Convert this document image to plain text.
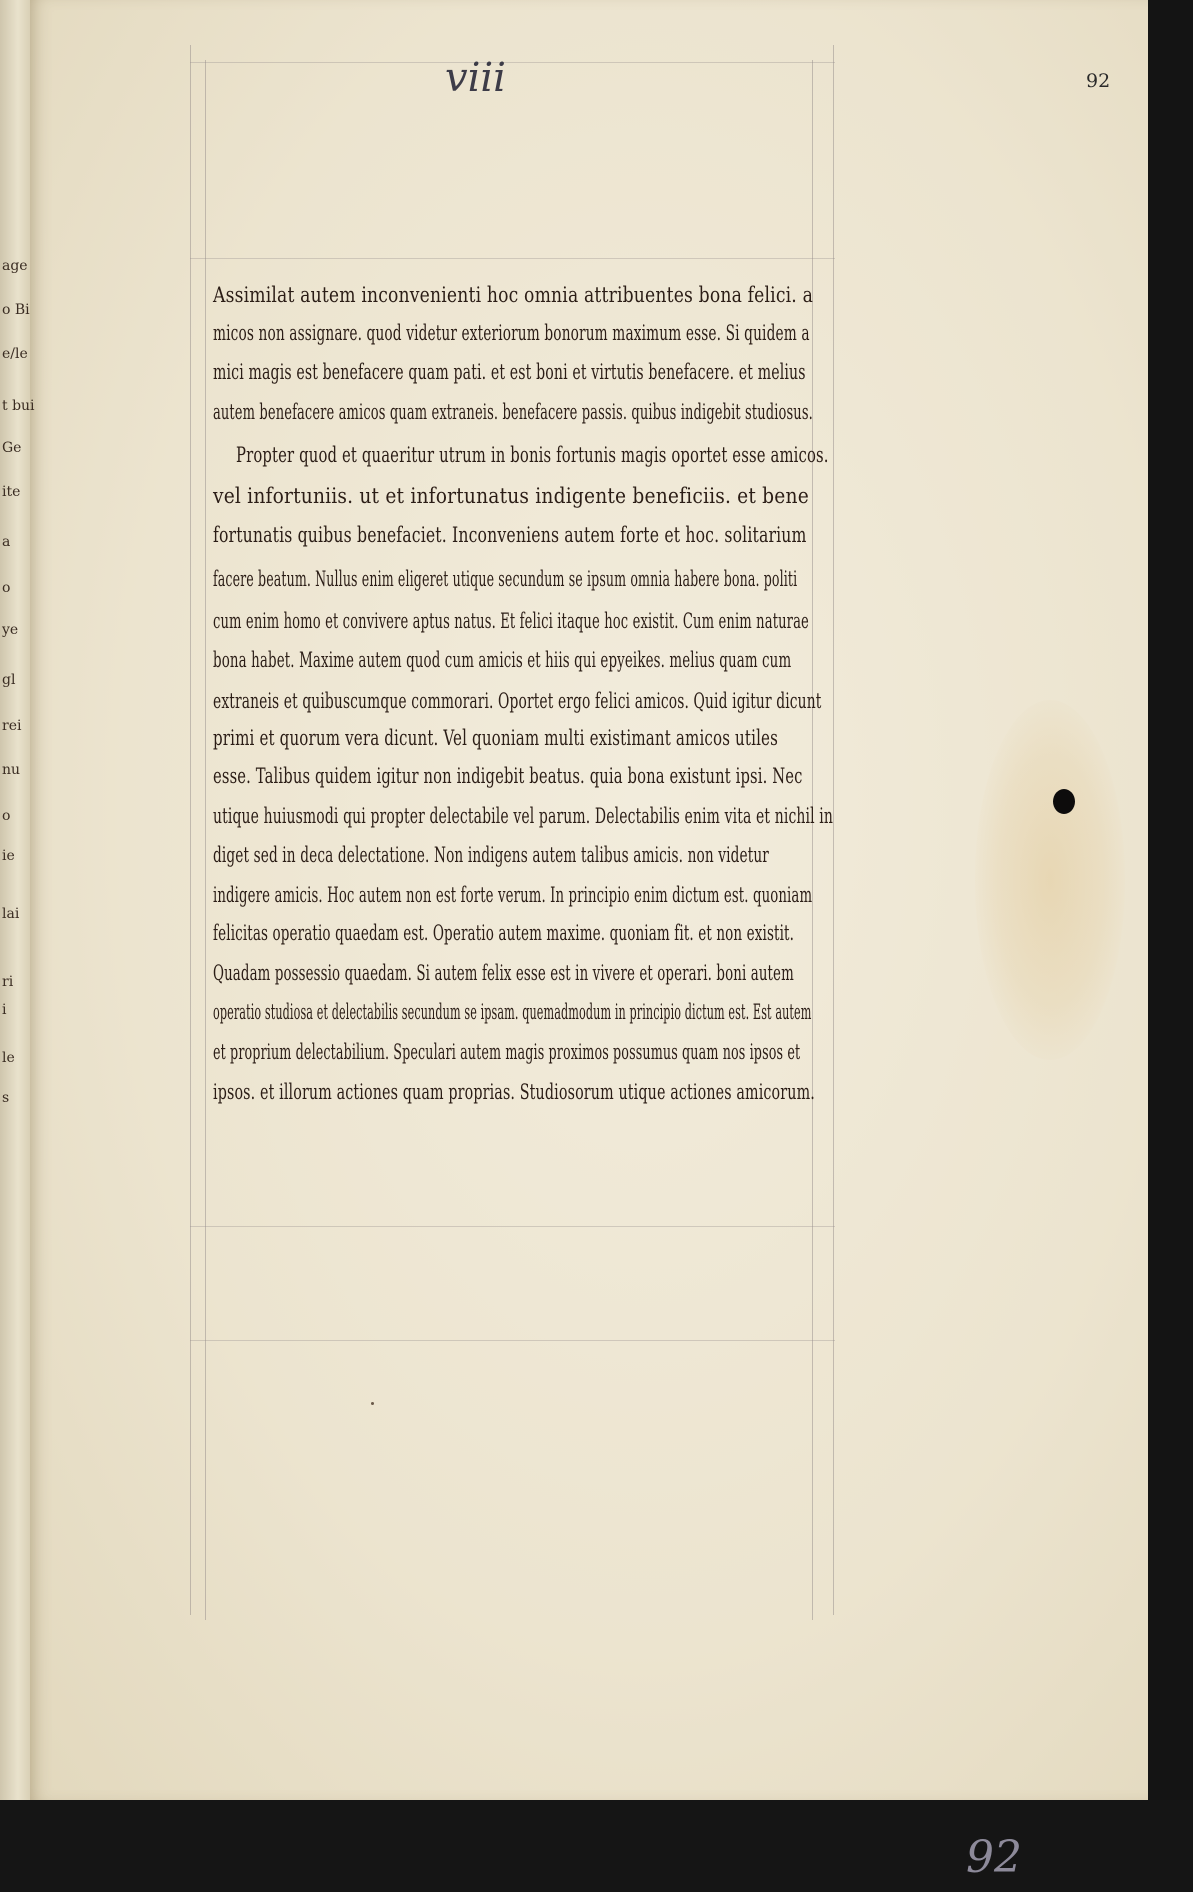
viii	92
92
age
o Bi
e/le
t bui
Ge
ite
a
o
ye
gl
rei
nu
o
ie
lai
ri
i
le
s
Assimilat autem inconvenienti hoc omnia attribuentes bona felici. a
micos non assignare. quod videtur exteriorum bonorum maximum esse. Si quidem a
mici magis est benefacere quam pati. et est boni et virtutis benefacere. et melius
autem benefacere amicos quam extraneis. benefacere passis. quibus indigebit studiosus.
Propter quod et quaeritur utrum in bonis fortunis magis oportet esse amicos.
vel infortuniis. ut et infortunatus indigente beneficiis. et bene
fortunatis quibus benefaciet. Inconveniens autem forte et hoc. solitarium
facere beatum. Nullus enim eligeret utique secundum se ipsum omnia habere bona. politi
cum enim homo et convivere aptus natus. Et felici itaque hoc existit. Cum enim naturae
bona habet. Maxime autem quod cum amicis et hiis qui epyeikes. melius quam cum
extraneis et quibuscumque commorari. Oportet ergo felici amicos. Quid igitur dicunt
primi et quorum vera dicunt. Vel quoniam multi existimant amicos utiles
esse. Talibus quidem igitur non indigebit beatus. quia bona existunt ipsi. Nec
utique huiusmodi qui propter delectabile vel parum. Delectabilis enim vita et nichil in
diget sed in deca delectatione. Non indigens autem talibus amicis. non videtur
indigere amicis. Hoc autem non est forte verum. In principio enim dictum est. quoniam
felicitas operatio quaedam est. Operatio autem maxime. quoniam fit. et non existit.
Quadam possessio quaedam. Si autem felix esse est in vivere et operari. boni autem
operatio studiosa et delectabilis secundum se ipsam. quemadmodum in principio dictum est. Est autem
et proprium delectabilium. Speculari autem magis proximos possumus quam nos ipsos et
ipsos. et illorum actiones quam proprias. Studiosorum utique actiones amicorum.
